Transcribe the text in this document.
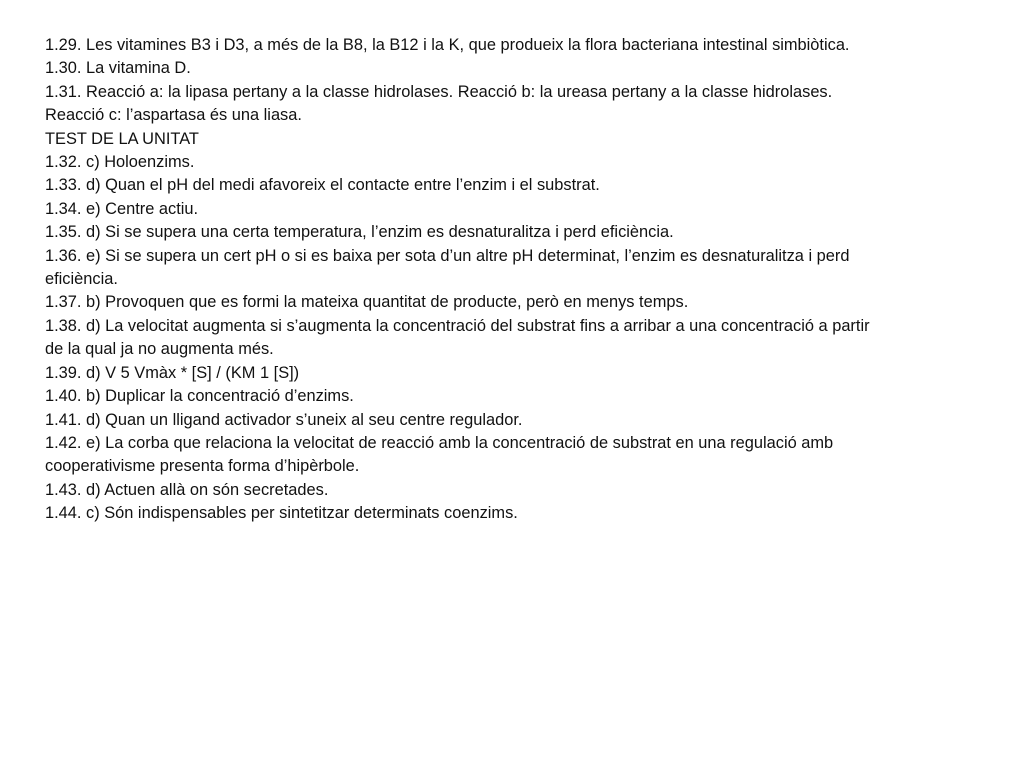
1.29. Les vitamines B3 i D3, a més de la B8, la B12 i la K, que produeix la flora bacteriana intestinal simbiòtica.
1.30. La vitamina D.
1.31. Reacció a: la lipasa pertany a la classe hidrolases. Reacció b: la ureasa pertany a la classe hidrolases.
Reacció c: l’aspartasa és una liasa.
TEST DE LA UNITAT
1.32. c) Holoenzims.
1.33. d) Quan el pH del medi afavoreix el contacte entre l’enzim i el substrat.
1.34. e) Centre actiu.
1.35. d) Si se supera una certa temperatura, l’enzim es desnaturalitza i perd eficiència.
1.36. e) Si se supera un cert pH o si es baixa per sota d’un altre pH determinat, l’enzim es desnaturalitza i perd
eficiència.
1.37. b) Provoquen que es formi la mateixa quantitat de producte, però en menys temps.
1.38. d) La velocitat augmenta si s’augmenta la concentració del substrat fins a arribar a una concentració a partir
de la qual ja no augmenta més.
1.39. d) V 5 Vmàx * [S] / (KM 1 [S])
1.40. b) Duplicar la concentració d’enzims.
1.41. d) Quan un lligand activador s’uneix al seu centre regulador.
1.42. e) La corba que relaciona la velocitat de reacció amb la concentració de substrat en una regulació amb
cooperativisme presenta forma d’hipèrbole.
1.43. d) Actuen allà on són secretades.
1.44. c) Són indispensables per sintetitzar determinats coenzims.
